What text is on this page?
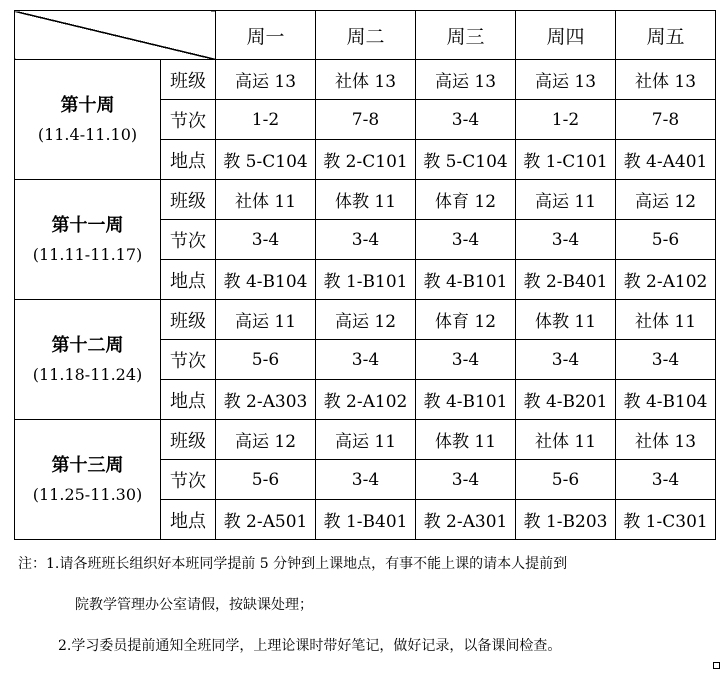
		周一	周二	周三	周四	周五

第十周
(11.4-11.10)	班级	高运 13	社体 13	高运 13	高运 13	社体 13
	节次	1-2	7-8	3-4	1-2	7-8
	地点	教 5-C104	教 2-C101	教 5-C104	教 1-C101	教 4-A401

第十一周
(11.11-11.17)	班级	社体 11	体教 11	体育 12	高运 11	高运 12
	节次	3-4	3-4	3-4	3-4	5-6
	地点	教 4-B104	教 1-B101	教 4-B101	教 2-B401	教 2-A102

第十二周
(11.18-11.24)	班级	高运 11	高运 12	体育 12	体教 11	社体 11
	节次	5-6	3-4	3-4	3-4	3-4
	地点	教 2-A303	教 2-A102	教 4-B101	教 4-B201	教 4-B104

第十三周
(11.25-11.30)	班级	高运 12	高运 11	体教 11	社体 11	社体 13
	节次	5-6	3-4	3-4	5-6	3-4
	地点	教 2-A501	教 1-B401	教 2-A301	教 1-B203	教 1-C301
注：1.请各班班长组织好本班同学提前 5 分钟到上课地点，有事不能上课的请本人提前到
院教学管理办公室请假，按缺课处理；
2.学习委员提前通知全班同学，上理论课时带好笔记，做好记录，以备课间检查。
